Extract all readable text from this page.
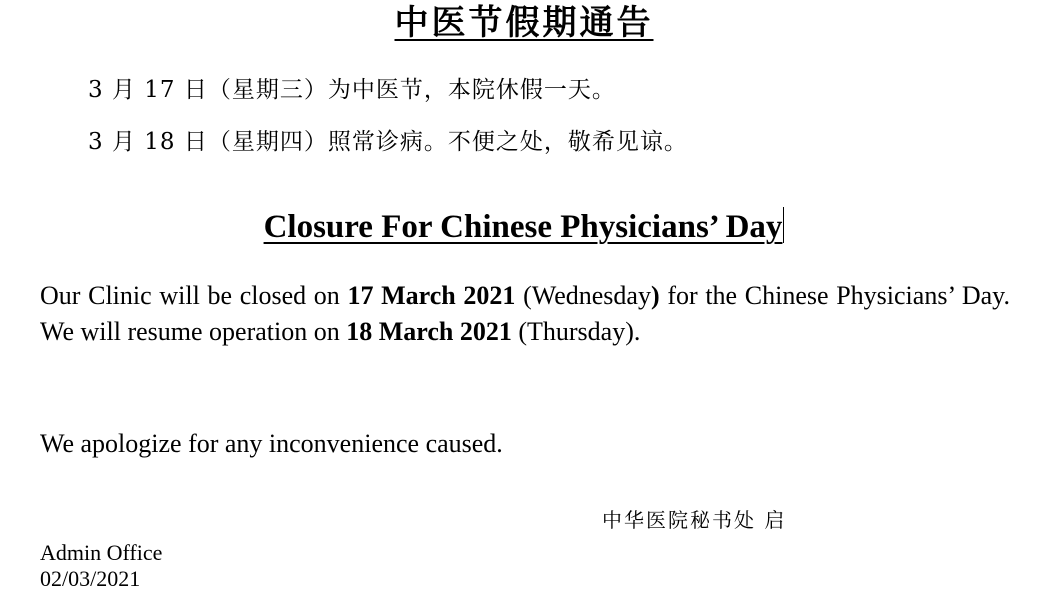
中医节假期通告
3 月 17 日（星期三）为中医节，本院休假一天。
3 月 18 日（星期四）照常诊病。不便之处，敬希见谅。
Closure For Chinese Physicians’ Day
Our Clinic will be closed on 17 March 2021 (Wednesday) for the Chinese Physicians’ Day. We will resume operation on 18 March 2021 (Thursday).
We apologize for any inconvenience caused.
中华医院秘书处 启
Admin Office
02/03/2021
